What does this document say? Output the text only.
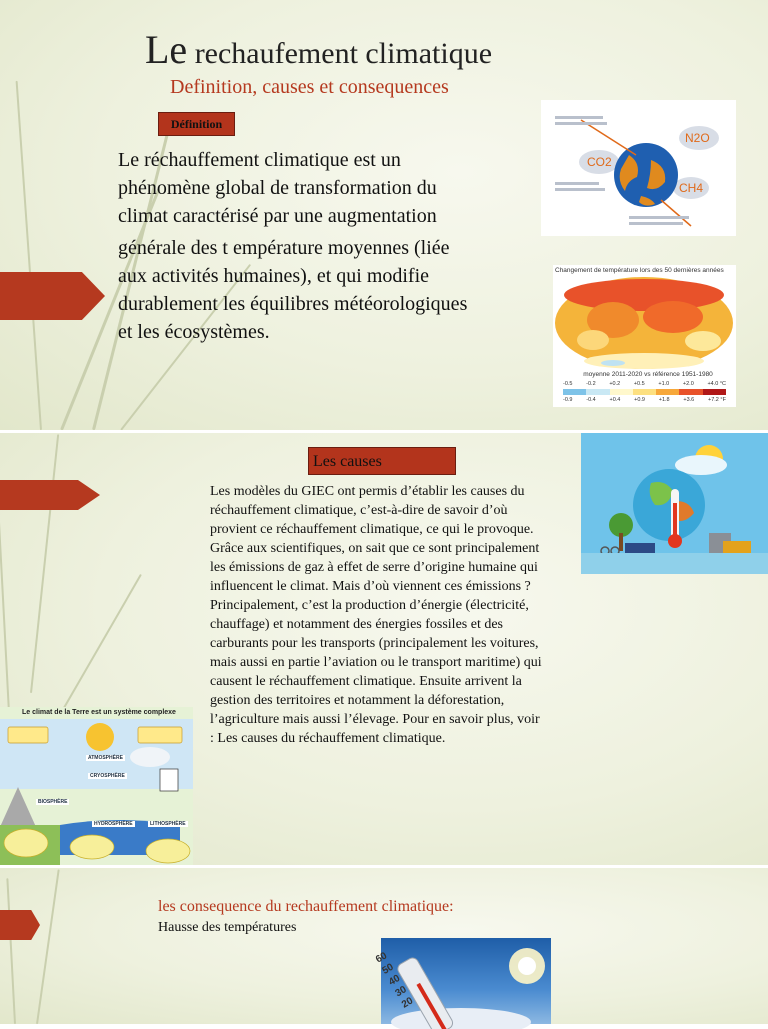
Le rechaufement climatique
Definition, causes et consequences
Définition
Le réchauffement climatique est un
phénomène global de transformation du
climat caractérisé par une augmentation
générale des t empérature moyennes (liée
aux activités humaines), et qui modifie
durablement les équilibres météorologiques
et les écosystèmes.
CO2
N2O
CH4
Changement de température lors des 50 dernières années
moyenne 2011-2020 vs référence 1951-1980
-0.5 -0.2 +0.2 +0.5 +1.0 +2.0 +4.0 °C
-0.9	-0.4	+0.4	+0.9	+1.8	+3.6	+7.2 °F
Les causes
Les modèles du GIEC ont permis d’établir les causes du
réchauffement climatique, c’est-à-dire de savoir d’où
provient ce réchauffement climatique, ce qui le provoque.
Grâce aux scientifiques, on sait que ce sont principalement
les émissions de gaz à effet de serre d’origine humaine qui
influencent le climat. Mais d’où viennent ces émissions ?
Principalement, c’est la production d’énergie (électricité,
chauffage) et notamment des énergies fossiles et des
carburants pour les transports (principalement les voitures,
mais aussi en partie l’aviation ou le transport maritime) qui
causent le réchauffement climatique. Ensuite arrivent la
gestion des territoires et notamment la déforestation,
l’agriculture mais aussi l’élevage. Pour en savoir plus, voir
: Les causes du réchauffement climatique.
Le climat de la Terre est un système complexe
ATMOSPHÈRE
CRYOSPHÈRE
BIOSPHÈRE
HYDROSPHÈRE	LITHOSPHÈRE
les consequence du rechauffement climatique:
Hausse des températures
60
50
40
30
20
